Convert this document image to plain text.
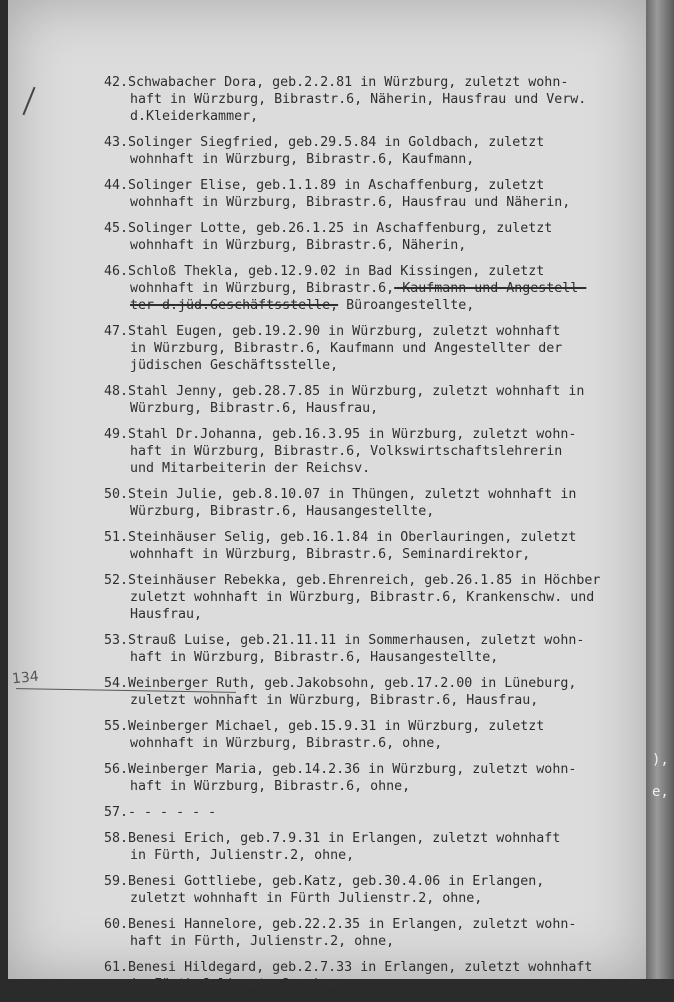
),
e,
134
42.Schwabacher Dora, geb.2.2.81 in Würzburg, zuletzt wohn-
haft in Würzburg, Bibrastr.6, Näherin, Hausfrau und Verw.
d.Kleiderkammer,
43.Solinger Siegfried, geb.29.5.84 in Goldbach, zuletzt
wohnhaft in Würzburg, Bibrastr.6, Kaufmann,
44.Solinger Elise, geb.1.1.89 in Aschaffenburg, zuletzt
wohnhaft in Würzburg, Bibrastr.6, Hausfrau und Näherin,
45.Solinger Lotte, geb.26.1.25 in Aschaffenburg, zuletzt
wohnhaft in Würzburg, Bibrastr.6, Näherin,
46.Schloß Thekla, geb.12.9.02 in Bad Kissingen, zuletzt
wohnhaft in Würzburg, Bibrastr.6, Kaufmann und Angestell-
ter d.jüd.Geschäftsstelle, Büroangestellte,
47.Stahl Eugen, geb.19.2.90 in Würzburg, zuletzt wohnhaft
in Würzburg, Bibrastr.6, Kaufmann und Angestellter der
jüdischen Geschäftsstelle,
48.Stahl Jenny, geb.28.7.85 in Würzburg, zuletzt wohnhaft in
Würzburg, Bibrastr.6, Hausfrau,
49.Stahl Dr.Johanna, geb.16.3.95 in Würzburg, zuletzt wohn-
haft in Würzburg, Bibrastr.6, Volkswirtschaftslehrerin
und Mitarbeiterin der Reichsv.
50.Stein Julie, geb.8.10.07 in Thüngen, zuletzt wohnhaft in
Würzburg, Bibrastr.6, Hausangestellte,
51.Steinhäuser Selig, geb.16.1.84 in Oberlauringen, zuletzt
wohnhaft in Würzburg, Bibrastr.6, Seminardirektor,
52.Steinhäuser Rebekka, geb.Ehrenreich, geb.26.1.85 in Höchber
zuletzt wohnhaft in Würzburg, Bibrastr.6, Krankenschw. und
Hausfrau,
53.Strauß Luise, geb.21.11.11 in Sommerhausen, zuletzt wohn-
haft in Würzburg, Bibrastr.6, Hausangestellte,
54.Weinberger Ruth, geb.Jakobsohn, geb.17.2.00 in Lüneburg,
zuletzt wohnhaft in Würzburg, Bibrastr.6, Hausfrau,
55.Weinberger Michael, geb.15.9.31 in Würzburg, zuletzt
wohnhaft in Würzburg, Bibrastr.6, ohne,
56.Weinberger Maria, geb.14.2.36 in Würzburg, zuletzt wohn-
haft in Würzburg, Bibrastr.6, ohne,
57.- - - - - -
58.Benesi Erich, geb.7.9.31 in Erlangen, zuletzt wohnhaft
in Fürth, Julienstr.2, ohne,
59.Benesi Gottliebe, geb.Katz, geb.30.4.06 in Erlangen,
zuletzt wohnhaft in Fürth Julienstr.2, ohne,
60.Benesi Hannelore, geb.22.2.35 in Erlangen, zuletzt wohn-
haft in Fürth, Julienstr.2, ohne,
61.Benesi Hildegard, geb.2.7.33 in Erlangen, zuletzt wohnhaft
in Fürth Julienstr.2, ohne,
